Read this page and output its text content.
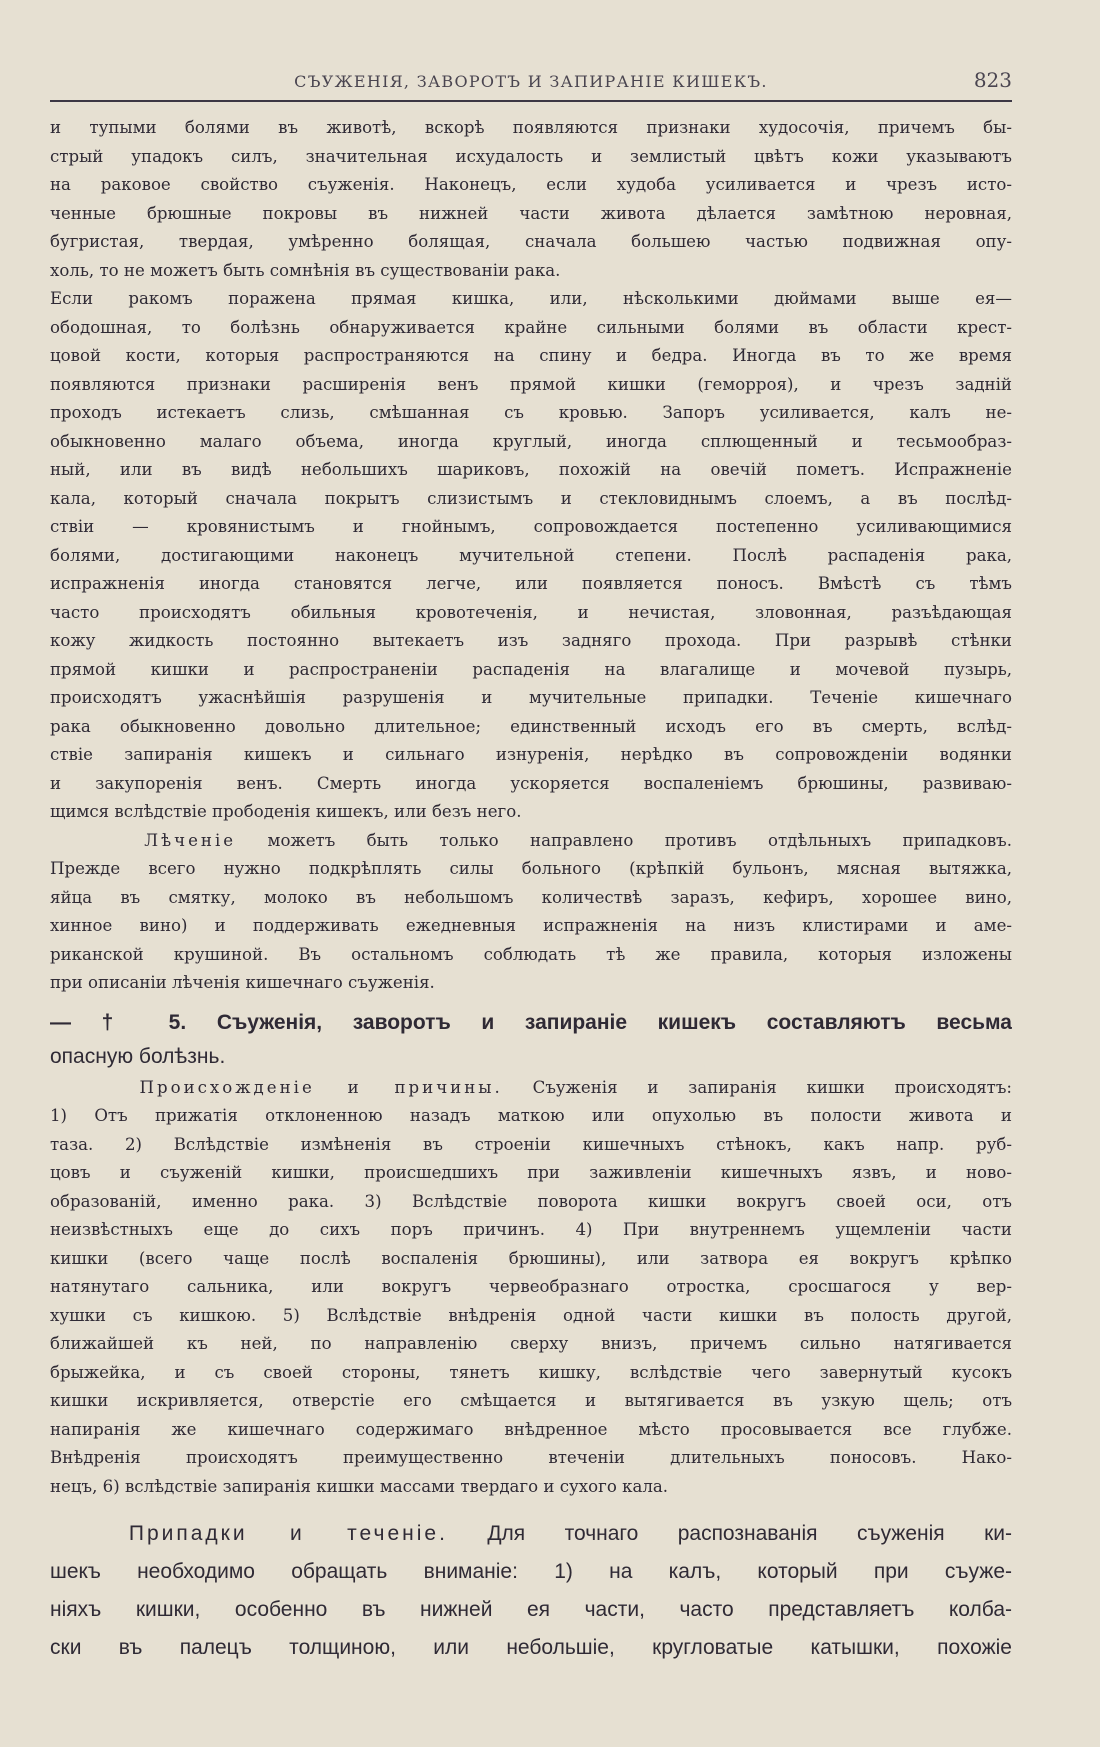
СЪУЖЕНІЯ, ЗАВОРОТЪ И ЗАПИРАНІЕ КИШЕКЪ.	823
и тупыми болями въ животѣ, вскорѣ появляются признаки худосочія, причемъ бы-
стрый упадокъ силъ, значительная исхудалость и землистый цвѣтъ кожи указываютъ
на раковое свойство съуженія. Наконецъ, если худоба усиливается и чрезъ исто-
ченные брюшные покровы въ нижней части живота дѣлается замѣтною неровная,
бугристая, твердая, умѣренно болящая, сначала большею частью подвижная опу-
холь, то не можетъ быть сомнѣнія въ существованіи рака.
Если ракомъ поражена прямая кишка, или, нѣсколькими дюймами выше ея—
ободошная, то болѣзнь обнаруживается крайне сильными болями въ области крест-
цовой кости, которыя распространяются на спину и бедра. Иногда въ то же время
появляются признаки расширенія венъ прямой кишки (геморроя), и чрезъ задній
проходъ истекаетъ слизь, смѣшанная съ кровью. Запоръ усиливается, калъ не-
обыкновенно малаго объема, иногда круглый, иногда сплющенный и тесьмообраз-
ный, или въ видѣ небольшихъ шариковъ, похожій на овечій пометъ. Испражненіе
кала, который сначала покрытъ слизистымъ и стекловиднымъ слоемъ, а въ послѣд-
ствіи — кровянистымъ и гнойнымъ, сопровождается постепенно усиливающимися
болями, достигающими наконецъ мучительной степени. Послѣ распаденія рака,
испражненія иногда становятся легче, или появляется поносъ. Вмѣстѣ съ тѣмъ
часто происходятъ обильныя кровотеченія, и нечистая, зловонная, разъѣдающая
кожу жидкость постоянно вытекаетъ изъ задняго прохода. При разрывѣ стѣнки
прямой кишки и распространеніи распаденія на влагалище и мочевой пузырь,
происходятъ ужаснѣйшія разрушенія и мучительные припадки. Теченіе кишечнаго
рака обыкновенно довольно длительное; единственный исходъ его въ смерть, вслѣд-
ствіе запиранія кишекъ и сильнаго изнуренія, нерѣдко въ сопровожденіи водянки
и закупоренія венъ. Смерть иногда ускоряется воспаленіемъ брюшины, развиваю-
щимся вслѣдствіе прободенія кишекъ, или безъ него.
Лѣченіе можетъ быть только направлено противъ отдѣльныхъ припадковъ.
Прежде всего нужно подкрѣплять силы больного (крѣпкій бульонъ, мясная вытяжка,
яйца въ смятку, молоко въ небольшомъ количествѣ заразъ, кефиръ, хорошее вино,
хинное вино) и поддерживать ежедневныя испражненія на низъ клистирами и аме-
риканской крушиной. Въ остальномъ соблюдать тѣ же правила, которыя изложены
при описаніи лѣченія кишечнаго съуженія.
— † 5. Съуженія, заворотъ и запираніе кишекъ составляютъ весьма
опасную болѣзнь.
Происхожденіе и причины. Съуженія и запиранія кишки происходятъ:
1) Отъ прижатія отклоненною назадъ маткою или опухолью въ полости живота и
таза. 2) Вслѣдствіе измѣненія въ строеніи кишечныхъ стѣнокъ, какъ напр. руб-
цовъ и съуженій кишки, происшедшихъ при заживленіи кишечныхъ язвъ, и ново-
образованій, именно рака. 3) Вслѣдствіе поворота кишки вокругъ своей оси, отъ
неизвѣстныхъ еще до сихъ поръ причинъ. 4) При внутреннемъ ущемленіи части
кишки (всего чаще послѣ воспаленія брюшины), или затвора ея вокругъ крѣпко
натянутаго сальника, или вокругъ червеобразнаго отростка, сросшагося у вер-
хушки съ кишкою. 5) Вслѣдствіе внѣдренія одной части кишки въ полость другой,
ближайшей къ ней, по направленію сверху внизъ, причемъ сильно натягивается
брыжейка, и съ своей стороны, тянетъ кишку, вслѣдствіе чего завернутый кусокъ
кишки искривляется, отверстіе его смѣщается и вытягивается въ узкую щель; отъ
напиранія же кишечнаго содержимаго внѣдренное мѣсто просовывается все глубже.
Внѣдренія происходятъ преимущественно втеченіи длительныхъ поносовъ. Нако-
нецъ, 6) вслѣдствіе запиранія кишки массами твердаго и сухого кала.
Припадки и теченіе. Для точнаго распознаванія съуженія ки-
шекъ необходимо обращать вниманіе: 1) на калъ, который при съуже-
ніяхъ кишки, особенно въ нижней ея части, часто представляетъ колба-
ски въ палецъ толщиною, или небольшіе, кругловатые катышки, похожіе
